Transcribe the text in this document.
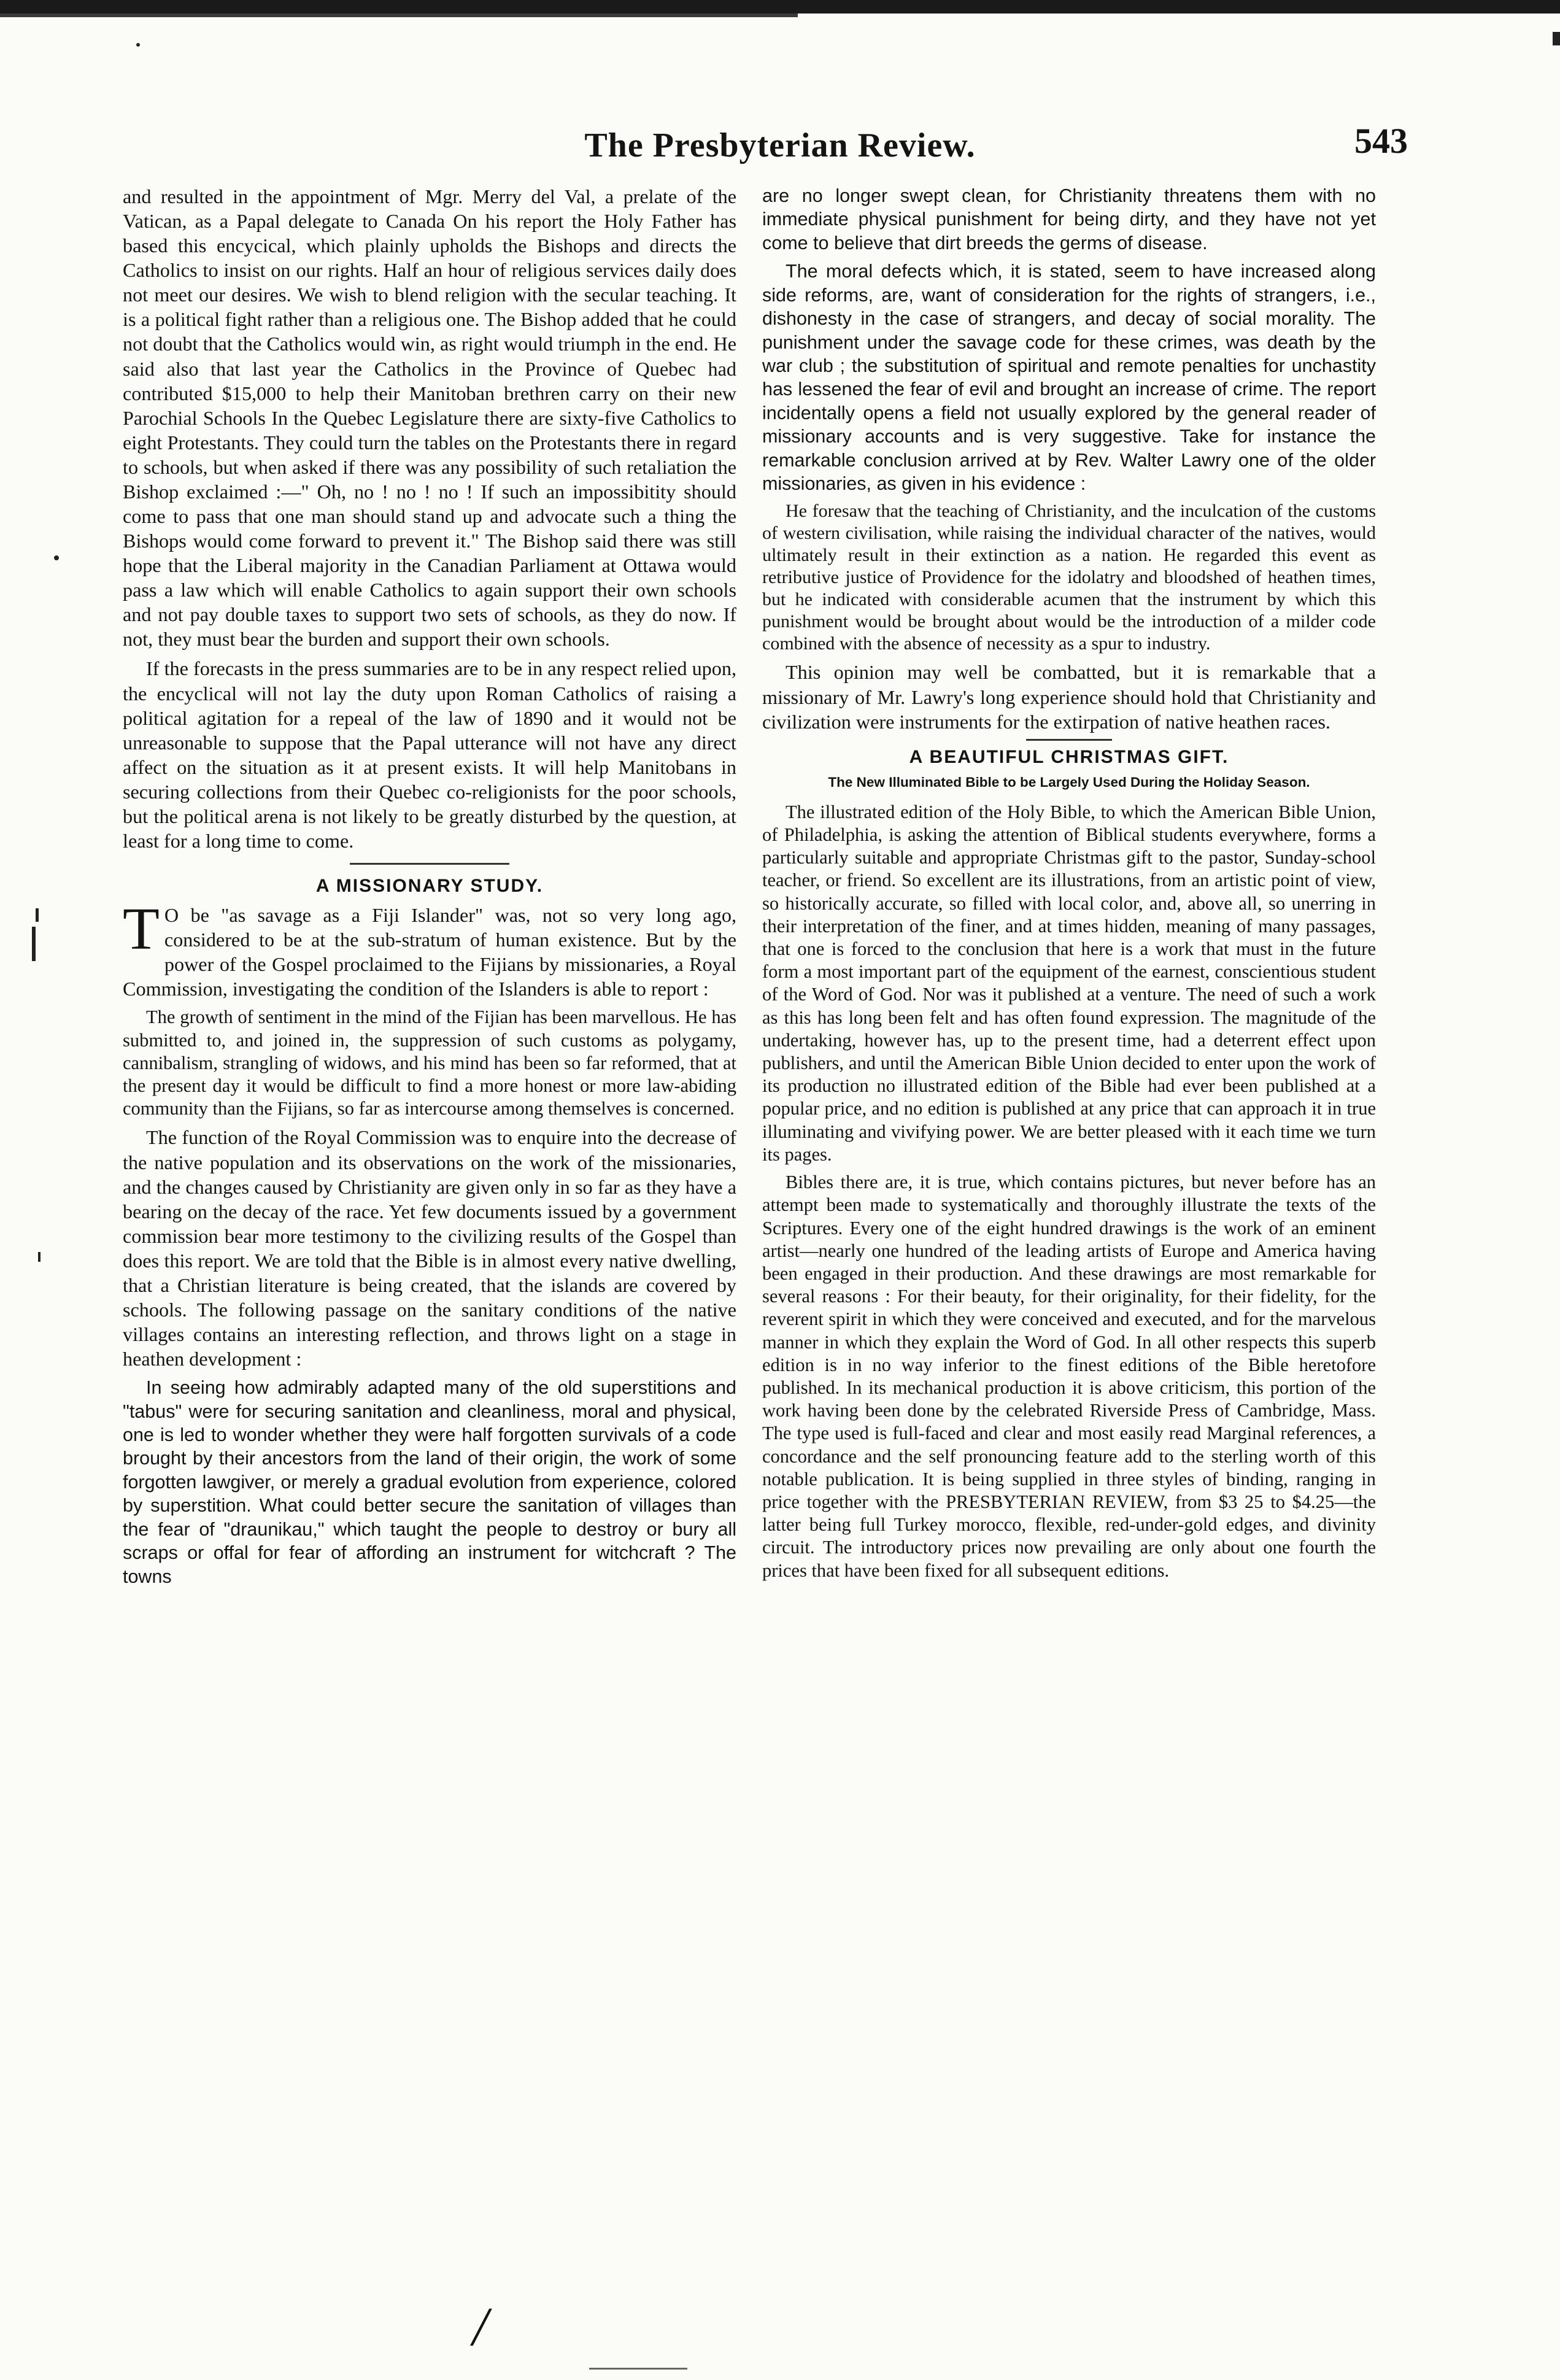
The Presbyterian Review.	543

and resulted in the appointment of Mgr. Merry del Val, a prelate of the Vatican, as a Papal delegate to Canada On his report the Holy Father has based this encycical, which plainly upholds the Bishops and directs the Catholics to insist on our rights. Half an hour of religious services daily does not meet our desires. We wish to blend religion with the secular teaching. It is a political fight rather than a religious one. The Bishop added that he could not doubt that the Catholics would win, as right would triumph in the end. He said also that last year the Catholics in the Province of Quebec had contributed $15,000 to help their Manitoban brethren carry on their new Parochial Schools In the Quebec Legislature there are sixty-five Catholics to eight Protestants. They could turn the tables on the Protestants there in regard to schools, but when asked if there was any possibility of such retaliation the Bishop exclaimed :—" Oh, no ! no ! no ! If such an impossibitity should come to pass that one man should stand up and advocate such a thing the Bishops would come forward to prevent it." The Bishop said there was still hope that the Liberal majority in the Canadian Parliament at Ottawa would pass a law which will enable Catholics to again support their own schools and not pay double taxes to support two sets of schools, as they do now. If not, they must bear the burden and support their own schools.

If the forecasts in the press summaries are to be in any respect relied upon, the encyclical will not lay the duty upon Roman Catholics of raising a political agitation for a repeal of the law of 1890 and it would not be unreasonable to suppose that the Papal utterance will not have any direct affect on the situation as it at present exists. It will help Manitobans in securing collections from their Quebec co-religionists for the poor schools, but the political arena is not likely to be greatly disturbed by the question, at least for a long time to come.

A MISSIONARY STUDY.

T O be "as savage as a Fiji Islander" was, not so very long ago, considered to be at the sub-stratum of human existence. But by the power of the Gospel proclaimed to the Fijians by missionaries, a Royal Commission, investigating the condition of the Islanders is able to report :

The growth of sentiment in the mind of the Fijian has been marvellous. He has submitted to, and joined in, the suppression of such customs as polygamy, cannibalism, strangling of widows, and his mind has been so far reformed, that at the present day it would be difficult to find a more honest or more law-abiding community than the Fijians, so far as intercourse among themselves is concerned.

The function of the Royal Commission was to enquire into the decrease of the native population and its observations on the work of the missionaries, and the changes caused by Christianity are given only in so far as they have a bearing on the decay of the race. Yet few documents issued by a government commission bear more testimony to the civilizing results of the Gospel than does this report. We are told that the Bible is in almost every native dwelling, that a Christian literature is being created, that the islands are covered by schools. The following passage on the sanitary conditions of the native villages contains an interesting reflection, and throws light on a stage in heathen development :

In seeing how admirably adapted many of the old superstitions and "tabus" were for securing sanitation and cleanliness, moral and physical, one is led to wonder whether they were half forgotten survivals of a code brought by their ancestors from the land of their origin, the work of some forgotten lawgiver, or merely a gradual evolution from experience, colored by superstition. What could better secure the sanitation of villages than the fear of "draunikau," which taught the people to destroy or bury all scraps or offal for fear of affording an instrument for witchcraft ? The towns

are no longer swept clean, for Christianity threatens them with no immediate physical punishment for being dirty, and they have not yet come to believe that dirt breeds the germs of disease.

The moral defects which, it is stated, seem to have increased along side reforms, are, want of consideration for the rights of strangers, i.e., dishonesty in the case of strangers, and decay of social morality. The punishment under the savage code for these crimes, was death by the war club ; the substitution of spiritual and remote penalties for unchastity has lessened the fear of evil and brought an increase of crime. The report incidentally opens a field not usually explored by the general reader of missionary accounts and is very suggestive. Take for instance the remarkable conclusion arrived at by Rev. Walter Lawry one of the older missionaries, as given in his evidence :

He foresaw that the teaching of Christianity, and the inculcation of the customs of western civilisation, while raising the individual character of the natives, would ultimately result in their extinction as a nation. He regarded this event as retributive justice of Providence for the idolatry and bloodshed of heathen times, but he indicated with considerable acumen that the instrument by which this punishment would be brought about would be the introduction of a milder code combined with the absence of necessity as a spur to industry.

This opinion may well be combatted, but it is remarkable that a missionary of Mr. Lawry's long experience should hold that Christianity and civilization were instruments for the extirpation of native heathen races.

A BEAUTIFUL CHRISTMAS GIFT.
The New Illuminated Bible to be Largely Used During the Holiday Season.

The illustrated edition of the Holy Bible, to which the American Bible Union, of Philadelphia, is asking the attention of Biblical students everywhere, forms a particularly suitable and appropriate Christmas gift to the pastor, Sunday-school teacher, or friend. So excellent are its illustrations, from an artistic point of view, so historically accurate, so filled with local color, and, above all, so unerring in their interpretation of the finer, and at times hidden, meaning of many passages, that one is forced to the conclusion that here is a work that must in the future form a most important part of the equipment of the earnest, conscientious student of the Word of God. Nor was it published at a venture. The need of such a work as this has long been felt and has often found expression. The magnitude of the undertaking, however has, up to the present time, had a deterrent effect upon publishers, and until the American Bible Union decided to enter upon the work of its production no illustrated edition of the Bible had ever been published at a popular price, and no edition is published at any price that can approach it in true illuminating and vivifying power. We are better pleased with it each time we turn its pages.

Bibles there are, it is true, which contains pictures, but never before has an attempt been made to systematically and thoroughly illustrate the texts of the Scriptures. Every one of the eight hundred drawings is the work of an eminent artist—nearly one hundred of the leading artists of Europe and America having been engaged in their production. And these drawings are most remarkable for several reasons : For their beauty, for their originality, for their fidelity, for the reverent spirit in which they were conceived and executed, and for the marvelous manner in which they explain the Word of God. In all other respects this superb edition is in no way inferior to the finest editions of the Bible heretofore published. In its mechanical production it is above criticism, this portion of the work having been done by the celebrated Riverside Press of Cambridge, Mass. The type used is full-faced and clear and most easily read Marginal references, a concordance and the self pronouncing feature add to the sterling worth of this notable publication. It is being supplied in three styles of binding, ranging in price together with the PRESBYTERIAN REVIEW, from $3 25 to $4.25—the latter being full Turkey morocco, flexible, red-under-gold edges, and divinity circuit. The introductory prices now prevailing are only about one fourth the prices that have been fixed for all subsequent editions.

/
